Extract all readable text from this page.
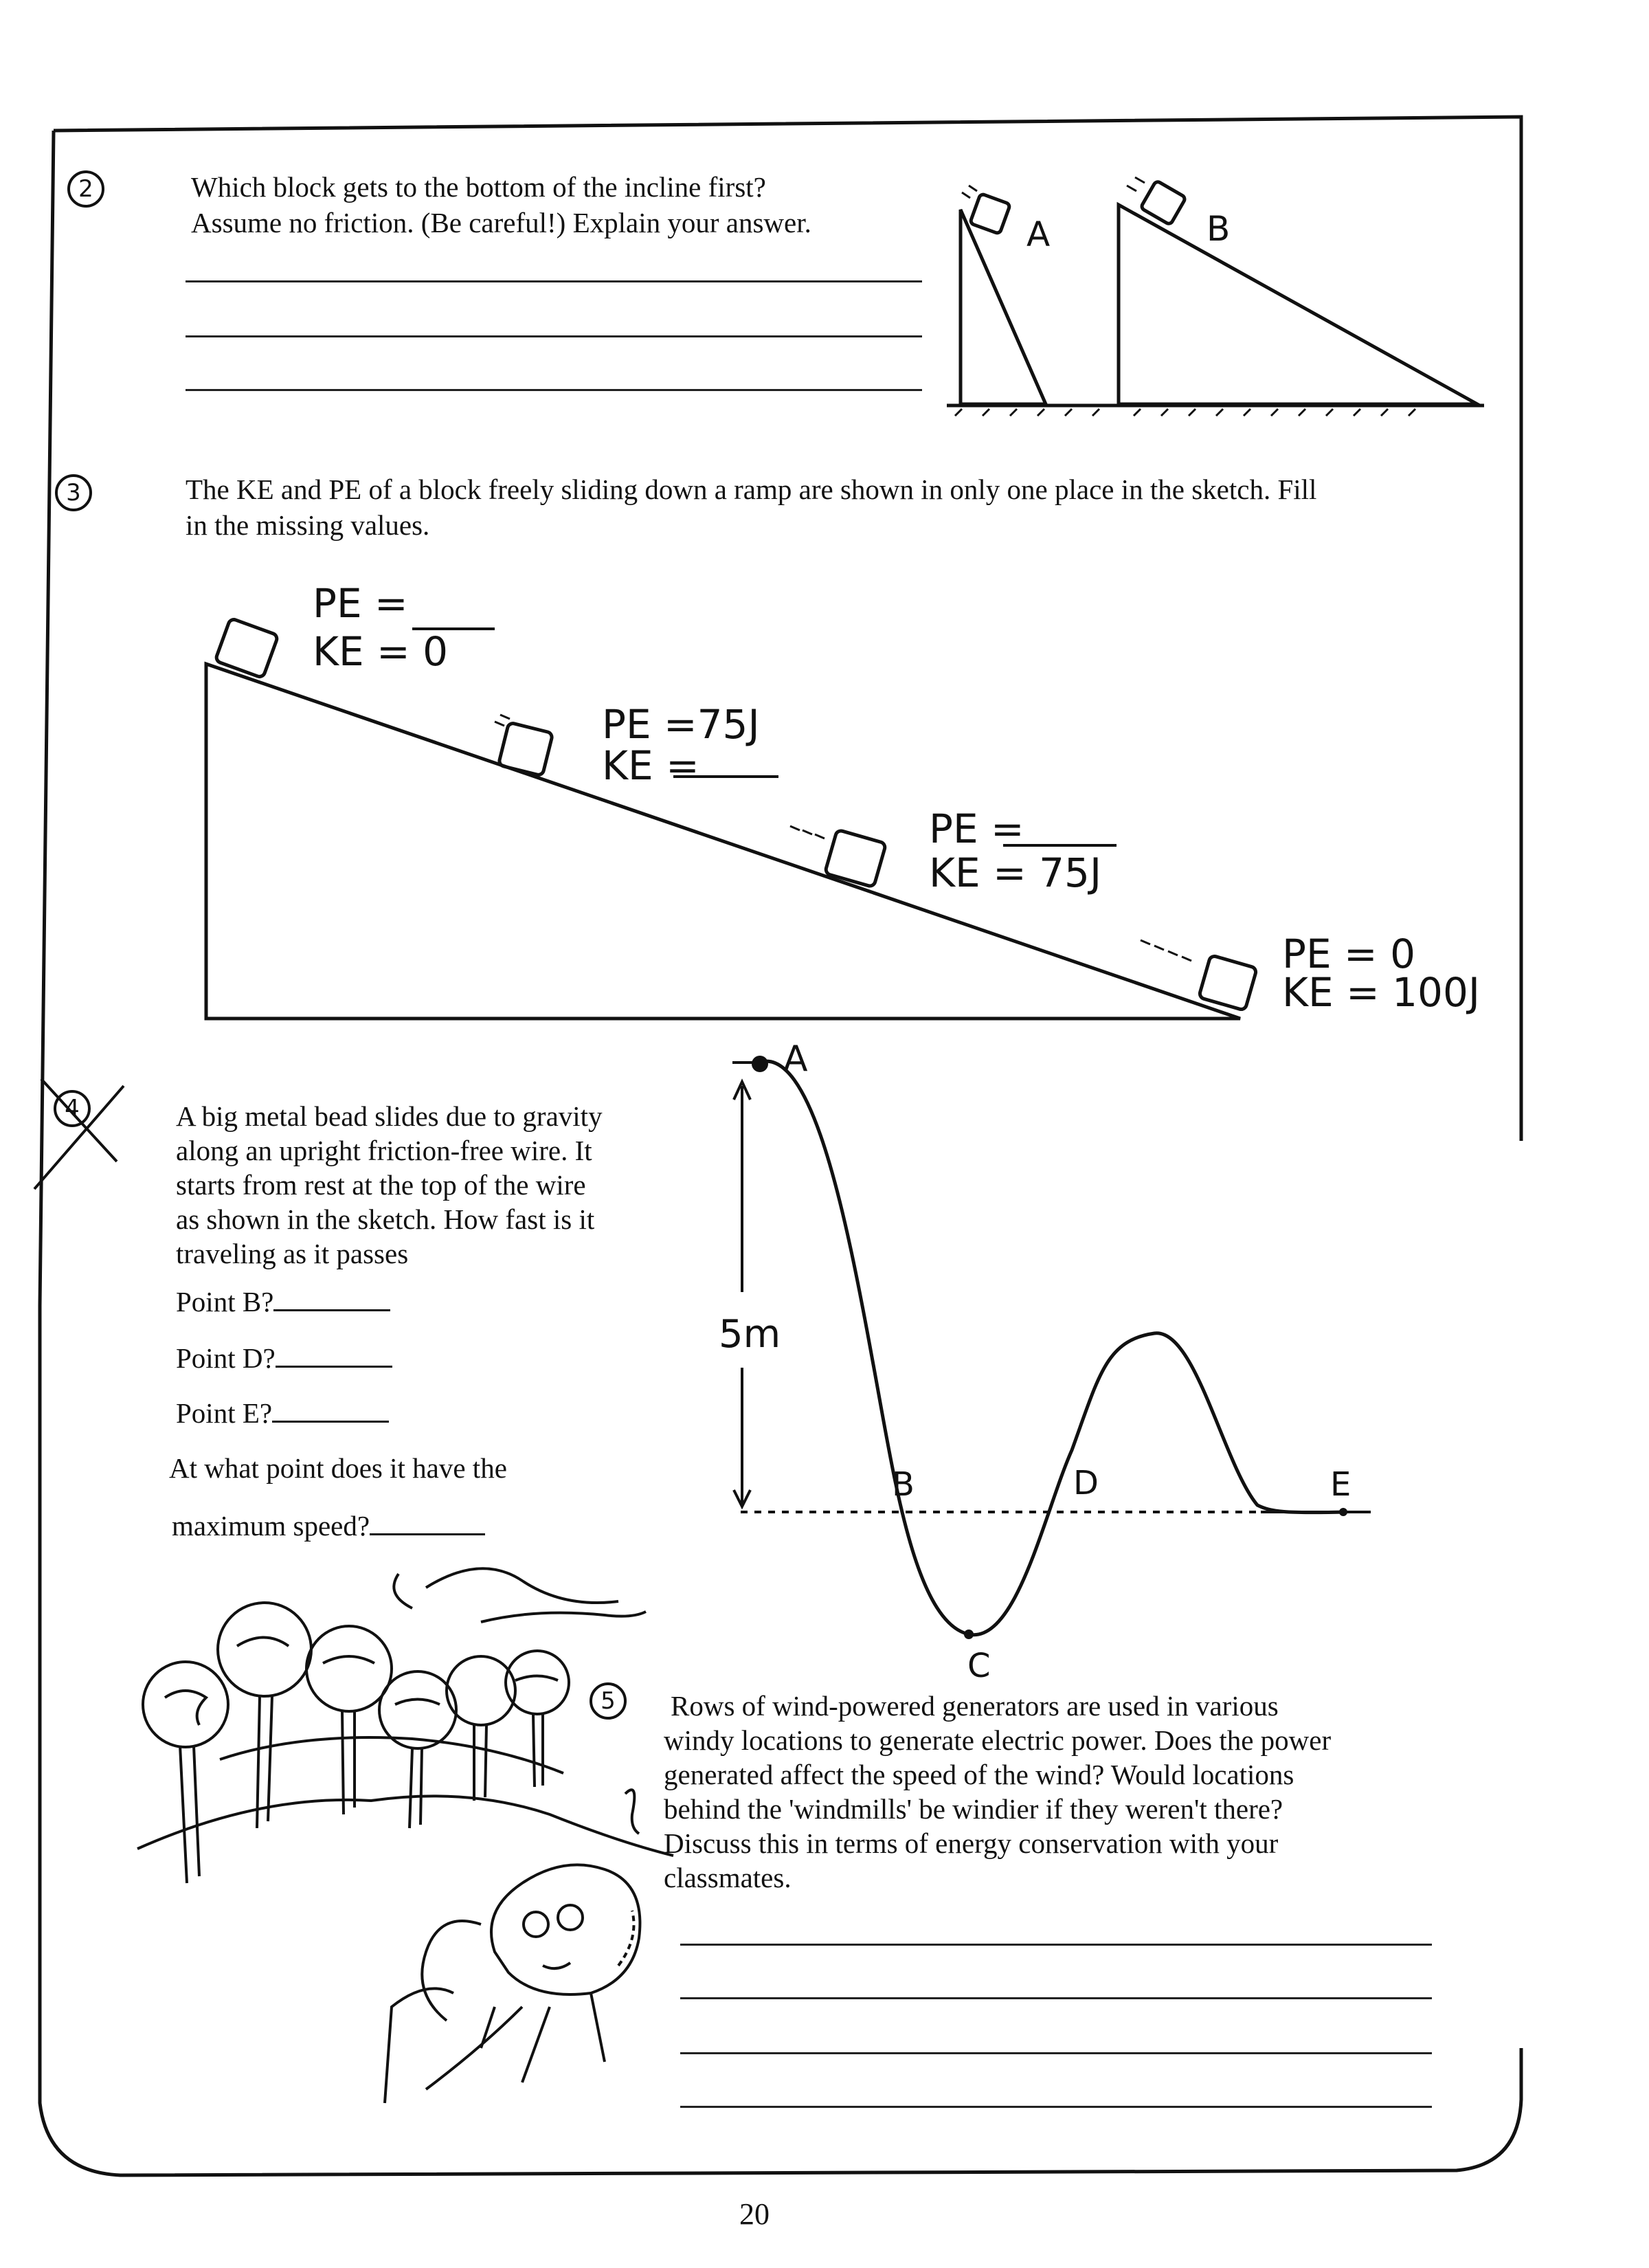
2	Which block gets to the bottom of the incline first?
Assume no friction. (Be careful!) Explain your answer.	A	B
3	The KE and PE of a block freely sliding down a ramp are shown in only one place in the sketch. Fill
in the missing values.
PE =
KE = 0
PE =75J
KE =
PE =
KE = 75J
PE = 0
KE = 100J
4	A big metal bead slides due to gravity
along an upright friction-free wire. It
starts from rest at the top of the wire
as shown in the sketch. How fast is it
traveling as it passes
Point B?
Point D?
Point E?
At what point does it have the
maximum speed?
A
B
C
D	E
5m
5	Rows of wind-powered generators are used in various
windy locations to generate electric power. Does the power
generated affect the speed of the wind? Would locations
behind the 'windmills' be windier if they weren't there?
Discuss this in terms of energy conservation with your
classmates.
20
